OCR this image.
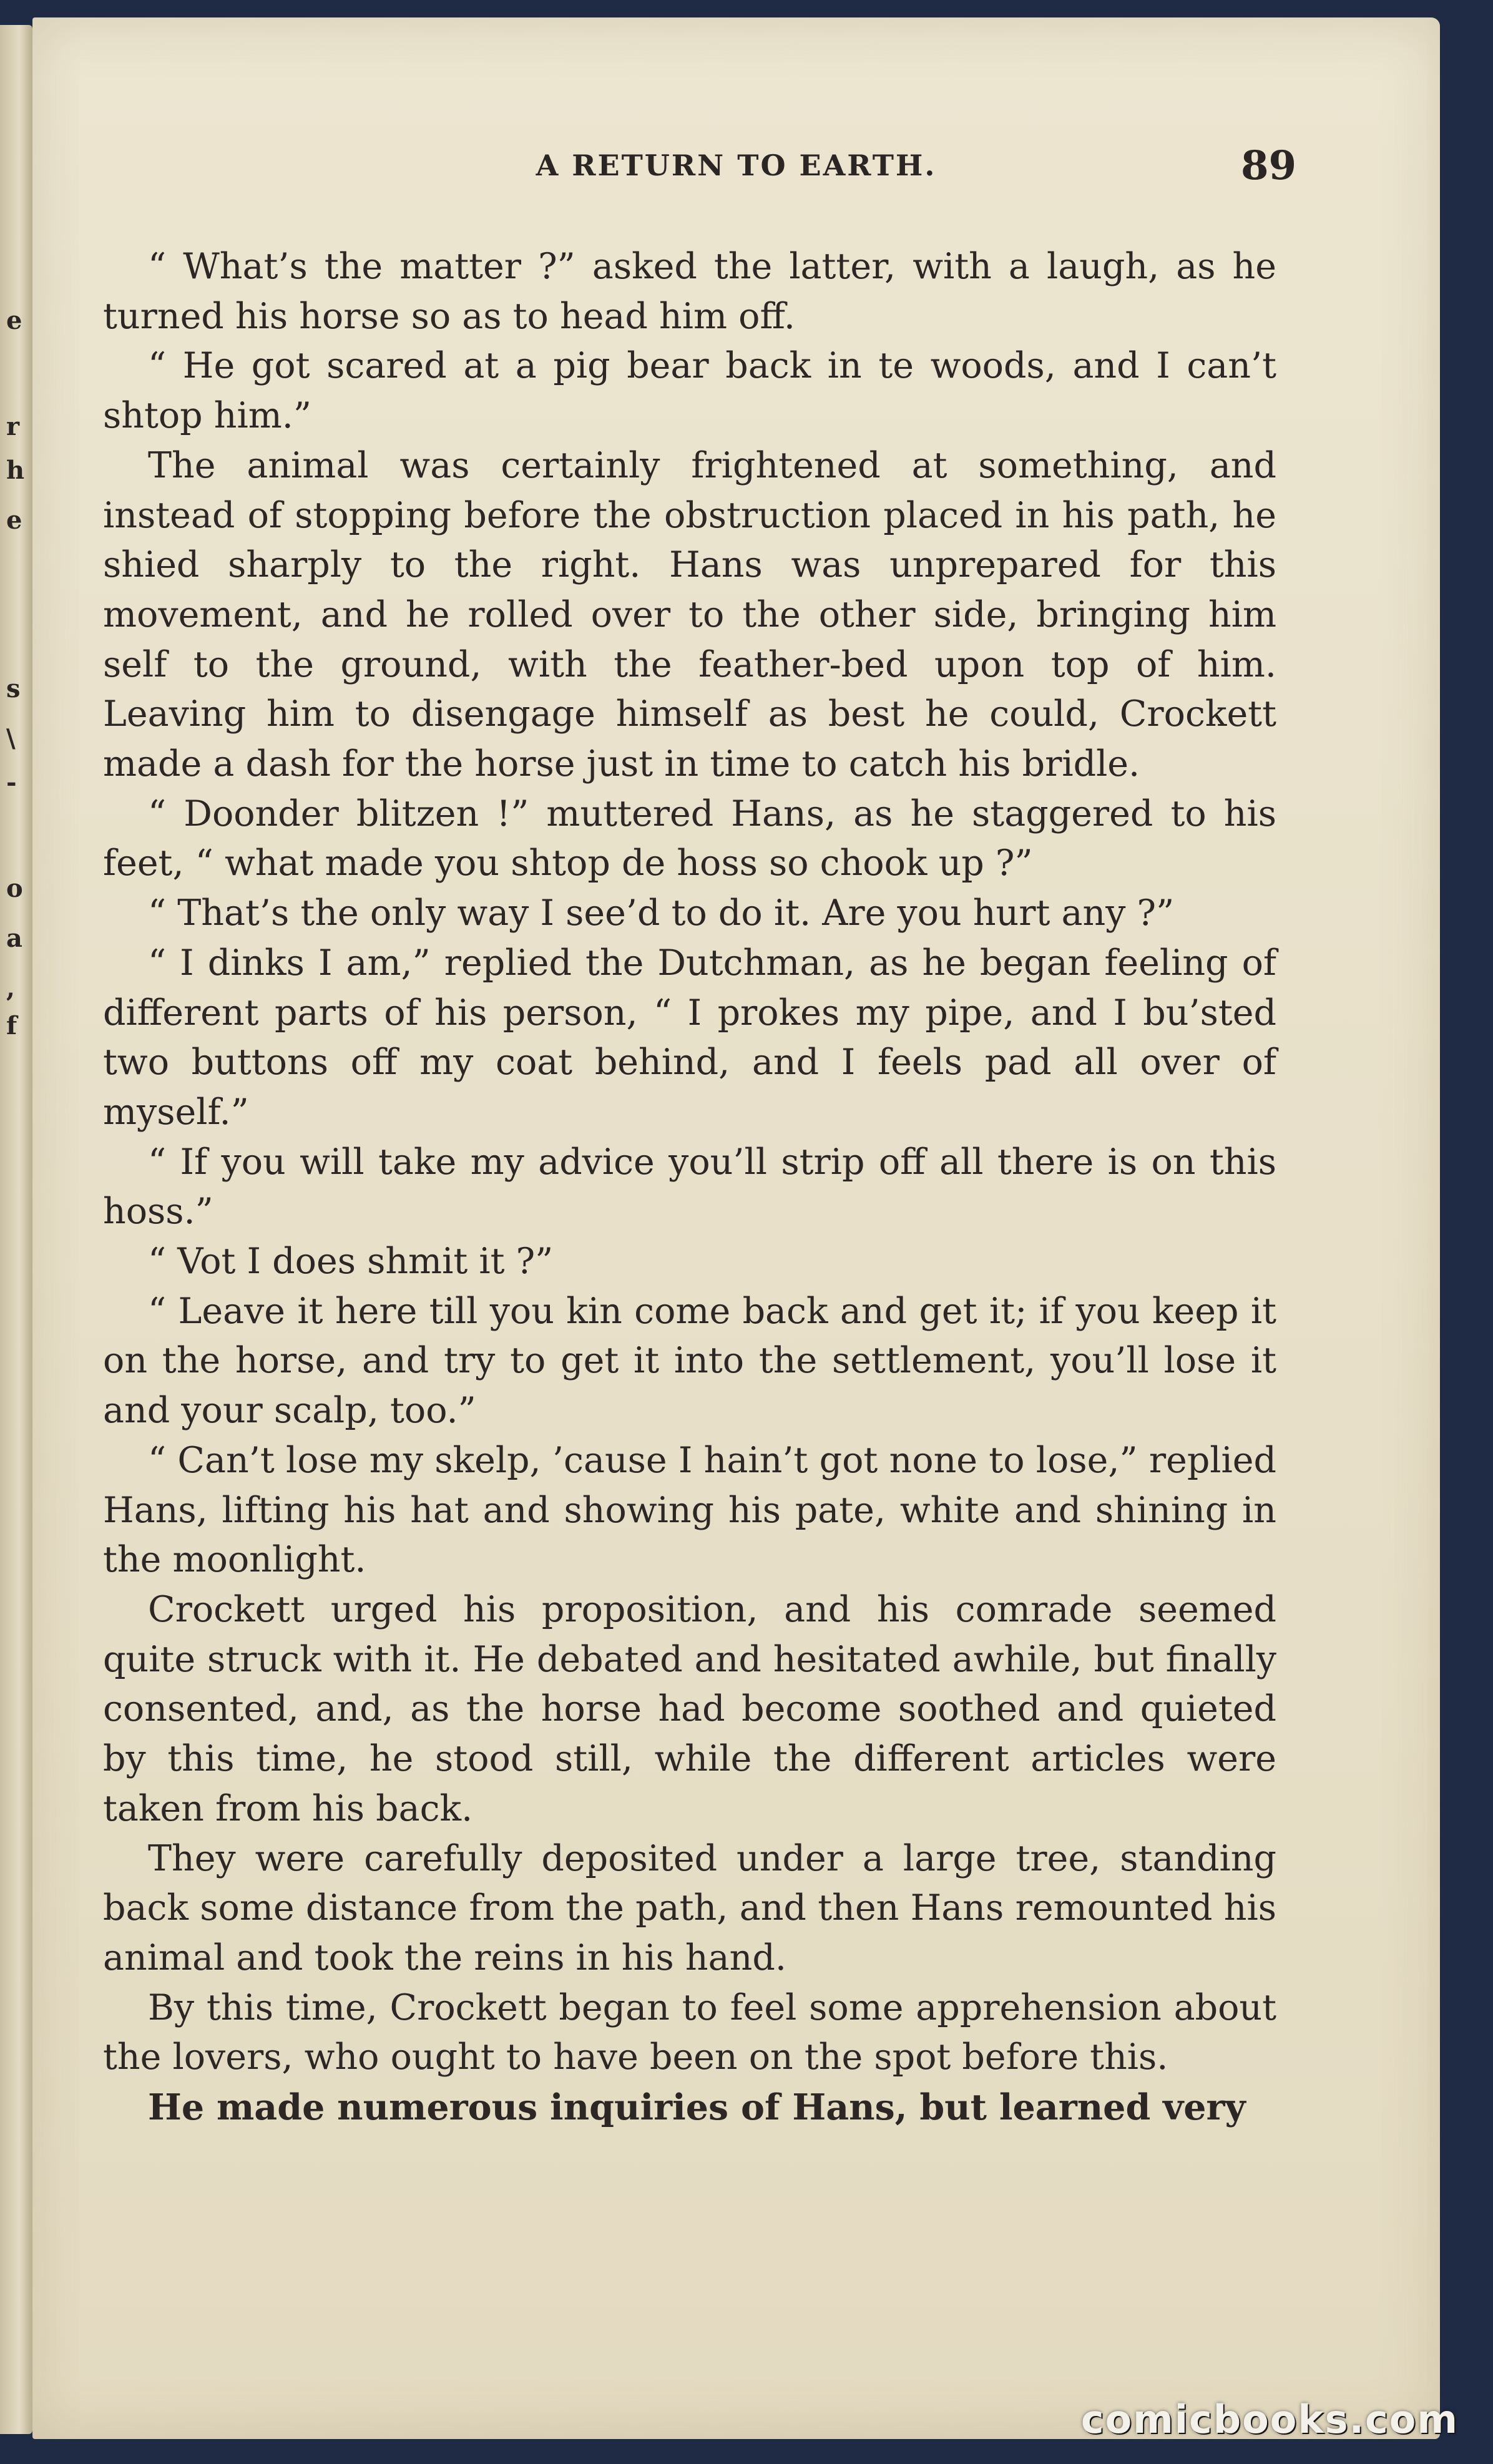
e
r
h
e
s
\
-
o
a
,
f
A RETURN TO EARTH.	89

“ What’s the matter ?” asked the latter, with a laugh, as he turned his horse so as to head him off.

“ He got scared at a pig bear back in te woods, and I can’t shtop him.”

The animal was certainly frightened at something, and instead of stopping before the obstruction placed in his path, he shied sharply to the right. Hans was unprepared for this movement, and he rolled over to the other side, bringing him self to the ground, with the feather-bed upon top of him. Leaving him to disengage himself as best he could, Crockett made a dash for the horse just in time to catch his bridle.

“ Doonder blitzen !” muttered Hans, as he staggered to his feet, “ what made you shtop de hoss so chook up ?”

“ That’s the only way I see’d to do it. Are you hurt any ?”

“ I dinks I am,” replied the Dutchman, as he began feeling of different parts of his person, “ I prokes my pipe, and I bu’sted two buttons off my coat behind, and I feels pad all over of myself.”

“ If you will take my advice you’ll strip off all there is on this hoss.”

“ Vot I does shmit it ?”

“ Leave it here till you kin come back and get it; if you keep it on the horse, and try to get it into the settlement, you’ll lose it and your scalp, too.”

“ Can’t lose my skelp, ’cause I hain’t got none to lose,” replied Hans, lifting his hat and showing his pate, white and shining in the moonlight.

Crockett urged his proposition, and his comrade seemed quite struck with it. He debated and hesitated awhile, but finally consented, and, as the horse had become soothed and quieted by this time, he stood still, while the different articles were taken from his back.

They were carefully deposited under a large tree, standing back some distance from the path, and then Hans remounted his animal and took the reins in his hand.

By this time, Crockett began to feel some apprehension about the lovers, who ought to have been on the spot before this.

He made numerous inquiries of Hans, but learned very

comicbooks.com
